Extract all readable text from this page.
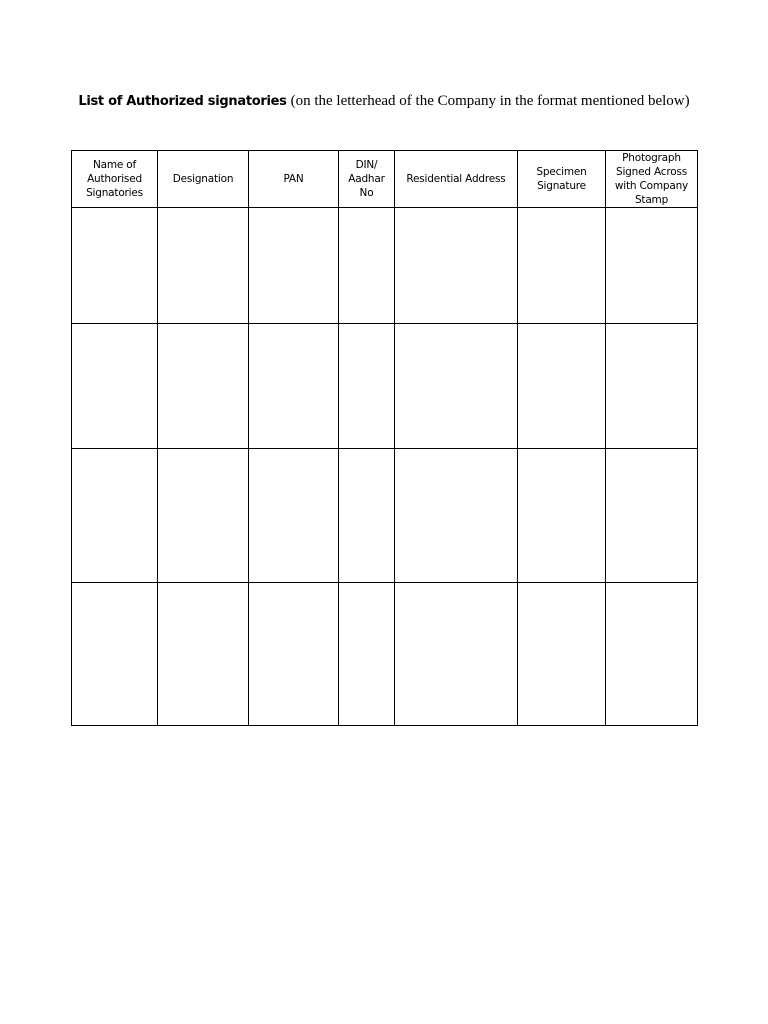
List of Authorized signatories (on the letterhead of the Company in the format mentioned below)
Name of Authorised Signatories	Designation	PAN	DIN/ Aadhar No	Residential Address	Specimen Signature	Photograph Signed Across with Company Stamp
